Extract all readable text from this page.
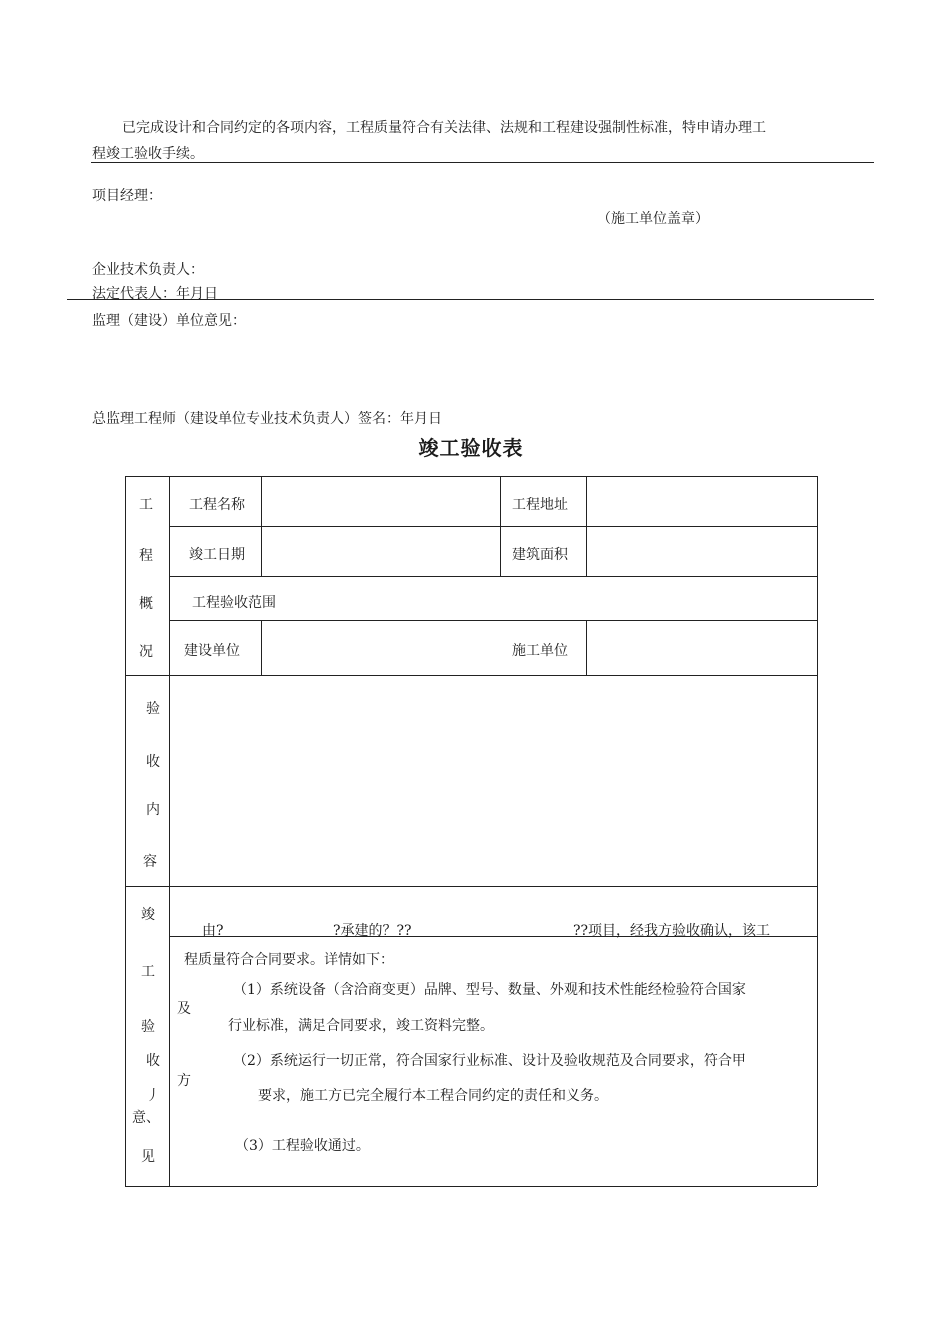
已完成设计和合同约定的各项内容，工程质量符合有关法律、法规和工程建设强制性标准，特申请办理工
程竣工验收手续。
项目经理：
（施工单位盖章）
企业技术负责人：
法定代表人：年月日
监理（建设）单位意见：
总监理工程师（建设单位专业技术负责人）签名：年月日
竣工验收表
工
程
概
况
工程名称	工程地址
竣工日期	建筑面积
工程验收范围
建设单位	施工单位
验
收
内
容
竣
工
验
收
丿
意、
见
由?	?承建的？??	??项目，经我方验收确认，该工
程质量符合合同要求。详情如下：
（1）系统设备（含洽商变更）品牌、型号、数量、外观和技术性能经检验符合国家
及
行业标准，满足合同要求，竣工资料完整。
（2）系统运行一切正常，符合国家行业标准、设计及验收规范及合同要求，符合甲
方
要求，施工方已完全履行本工程合同约定的责任和义务。
（3）工程验收通过。
